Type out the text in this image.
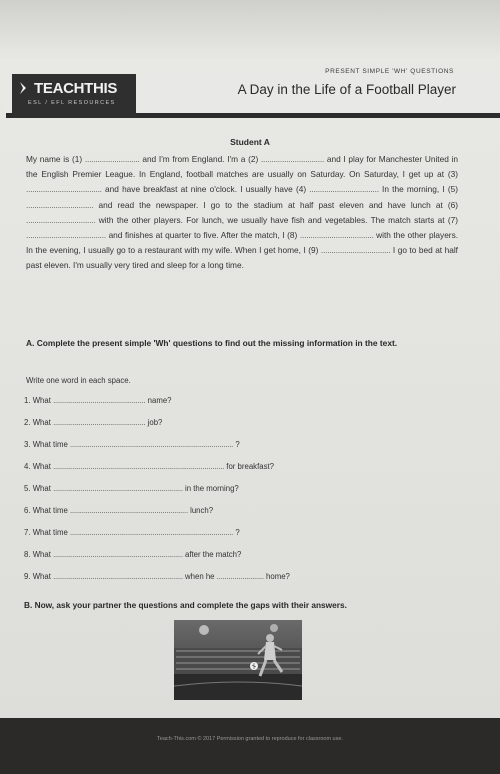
TEACHTHIS
ESL / EFL RESOURCES
PRESENT SIMPLE 'WH' QUESTIONS
A Day in the Life of a Football Player
Student A
My name is (1) .......................... and I'm from England. I'm a (2) .............................. and I play for Manchester United in the English Premier League. In England, football matches are usually on Saturday. On Saturday, I get up at (3) .................................... and have breakfast at nine o'clock. I usually have (4) ................................. In the morning, I (5) ................................ and read the newspaper. I go to the stadium at half past eleven and have lunch at (6) ................................. with the other players. For lunch, we usually have fish and vegetables. The match starts at (7) ...................................... and finishes at quarter to five. After the match, I (8) ................................... with the other players. In the evening, I usually go to a restaurant with my wife. When I get home, I (9) ................................. I go to bed at half past eleven. I'm usually very tired and sleep for a long time.
A. Complete the present simple 'Wh' questions to find out the missing information in the text.
Write one word in each space.
1. What ............................................... name?
2. What ............................................... job?
3. What time ................................................................................... ?
4. What ....................................................................................... for breakfast?
5. What .................................................................. in the morning?
6. What time ............................................................ lunch?
7. What time ................................................................................... ?
8. What .................................................................. after the match?
9. What .................................................................. when he ........................ home?
B. Now, ask your partner the questions and complete the gaps with their answers.
Teach-This.com © 2017 Permission granted to reproduce for classroom use.
